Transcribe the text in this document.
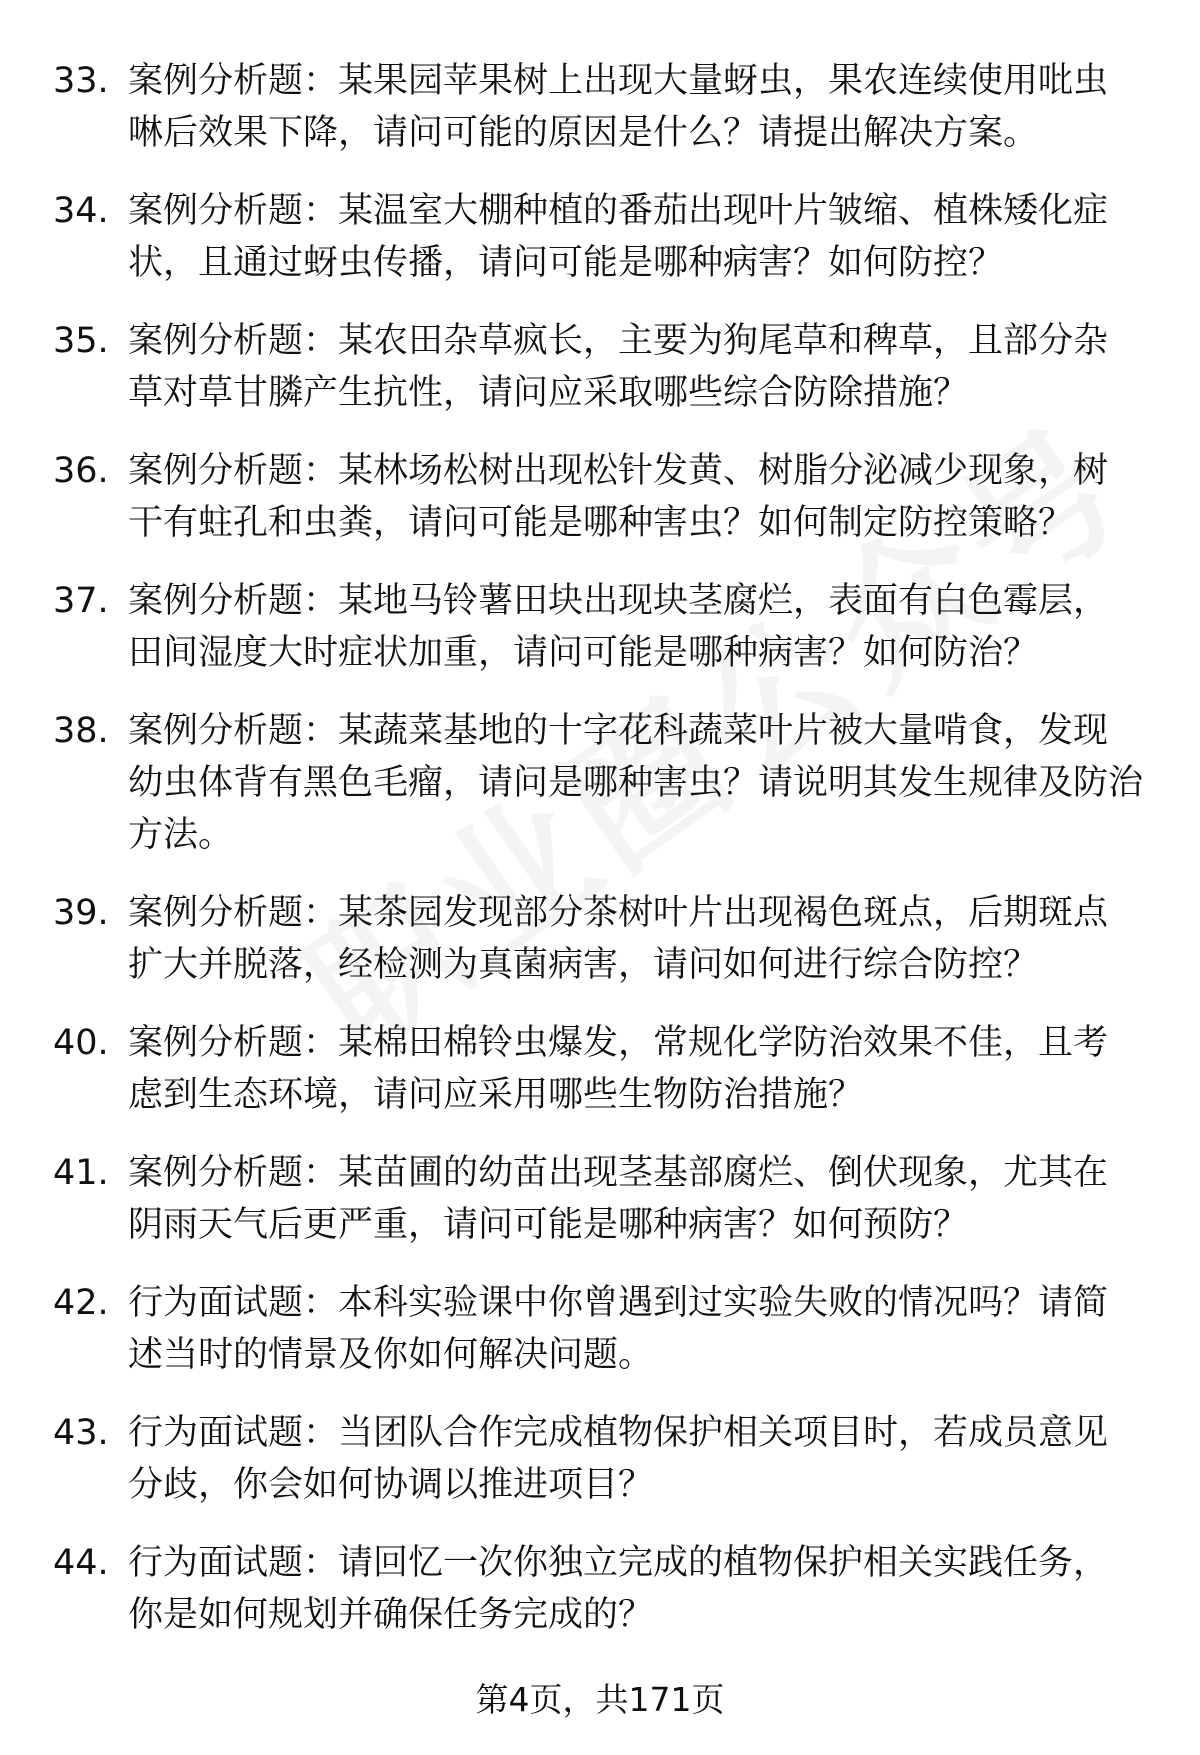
33. 案例分析题：某果园苹果树上出现大量蚜虫，果农连续使用吡虫啉后效果下降，请问可能的原因是什么？请提出解决方案。
34. 案例分析题：某温室大棚种植的番茄出现叶片皱缩、植株矮化症状，且通过蚜虫传播，请问可能是哪种病害？如何防控？
35. 案例分析题：某农田杂草疯长，主要为狗尾草和稗草，且部分杂草对草甘膦产生抗性，请问应采取哪些综合防除措施？
36. 案例分析题：某林场松树出现松针发黄、树脂分泌减少现象，树干有蛀孔和虫粪，请问可能是哪种害虫？如何制定防控策略？
37. 案例分析题：某地马铃薯田块出现块茎腐烂，表面有白色霉层，田间湿度大时症状加重，请问可能是哪种病害？如何防治？
38. 案例分析题：某蔬菜基地的十字花科蔬菜叶片被大量啃食，发现幼虫体背有黑色毛瘤，请问是哪种害虫？请说明其发生规律及防治方法。
39. 案例分析题：某茶园发现部分茶树叶片出现褐色斑点，后期斑点扩大并脱落，经检测为真菌病害，请问如何进行综合防控？
40. 案例分析题：某棉田棉铃虫爆发，常规化学防治效果不佳，且考虑到生态环境，请问应采用哪些生物防治措施？
41. 案例分析题：某苗圃的幼苗出现茎基部腐烂、倒伏现象，尤其在阴雨天气后更严重，请问可能是哪种病害？如何预防？
42. 行为面试题：本科实验课中你曾遇到过实验失败的情况吗？请简述当时的情景及你如何解决问题。
43. 行为面试题：当团队合作完成植物保护相关项目时，若成员意见分歧，你会如何协调以推进项目？
44. 行为面试题：请回忆一次你独立完成的植物保护相关实践任务，你是如何规划并确保任务完成的？
第4页，共171页
